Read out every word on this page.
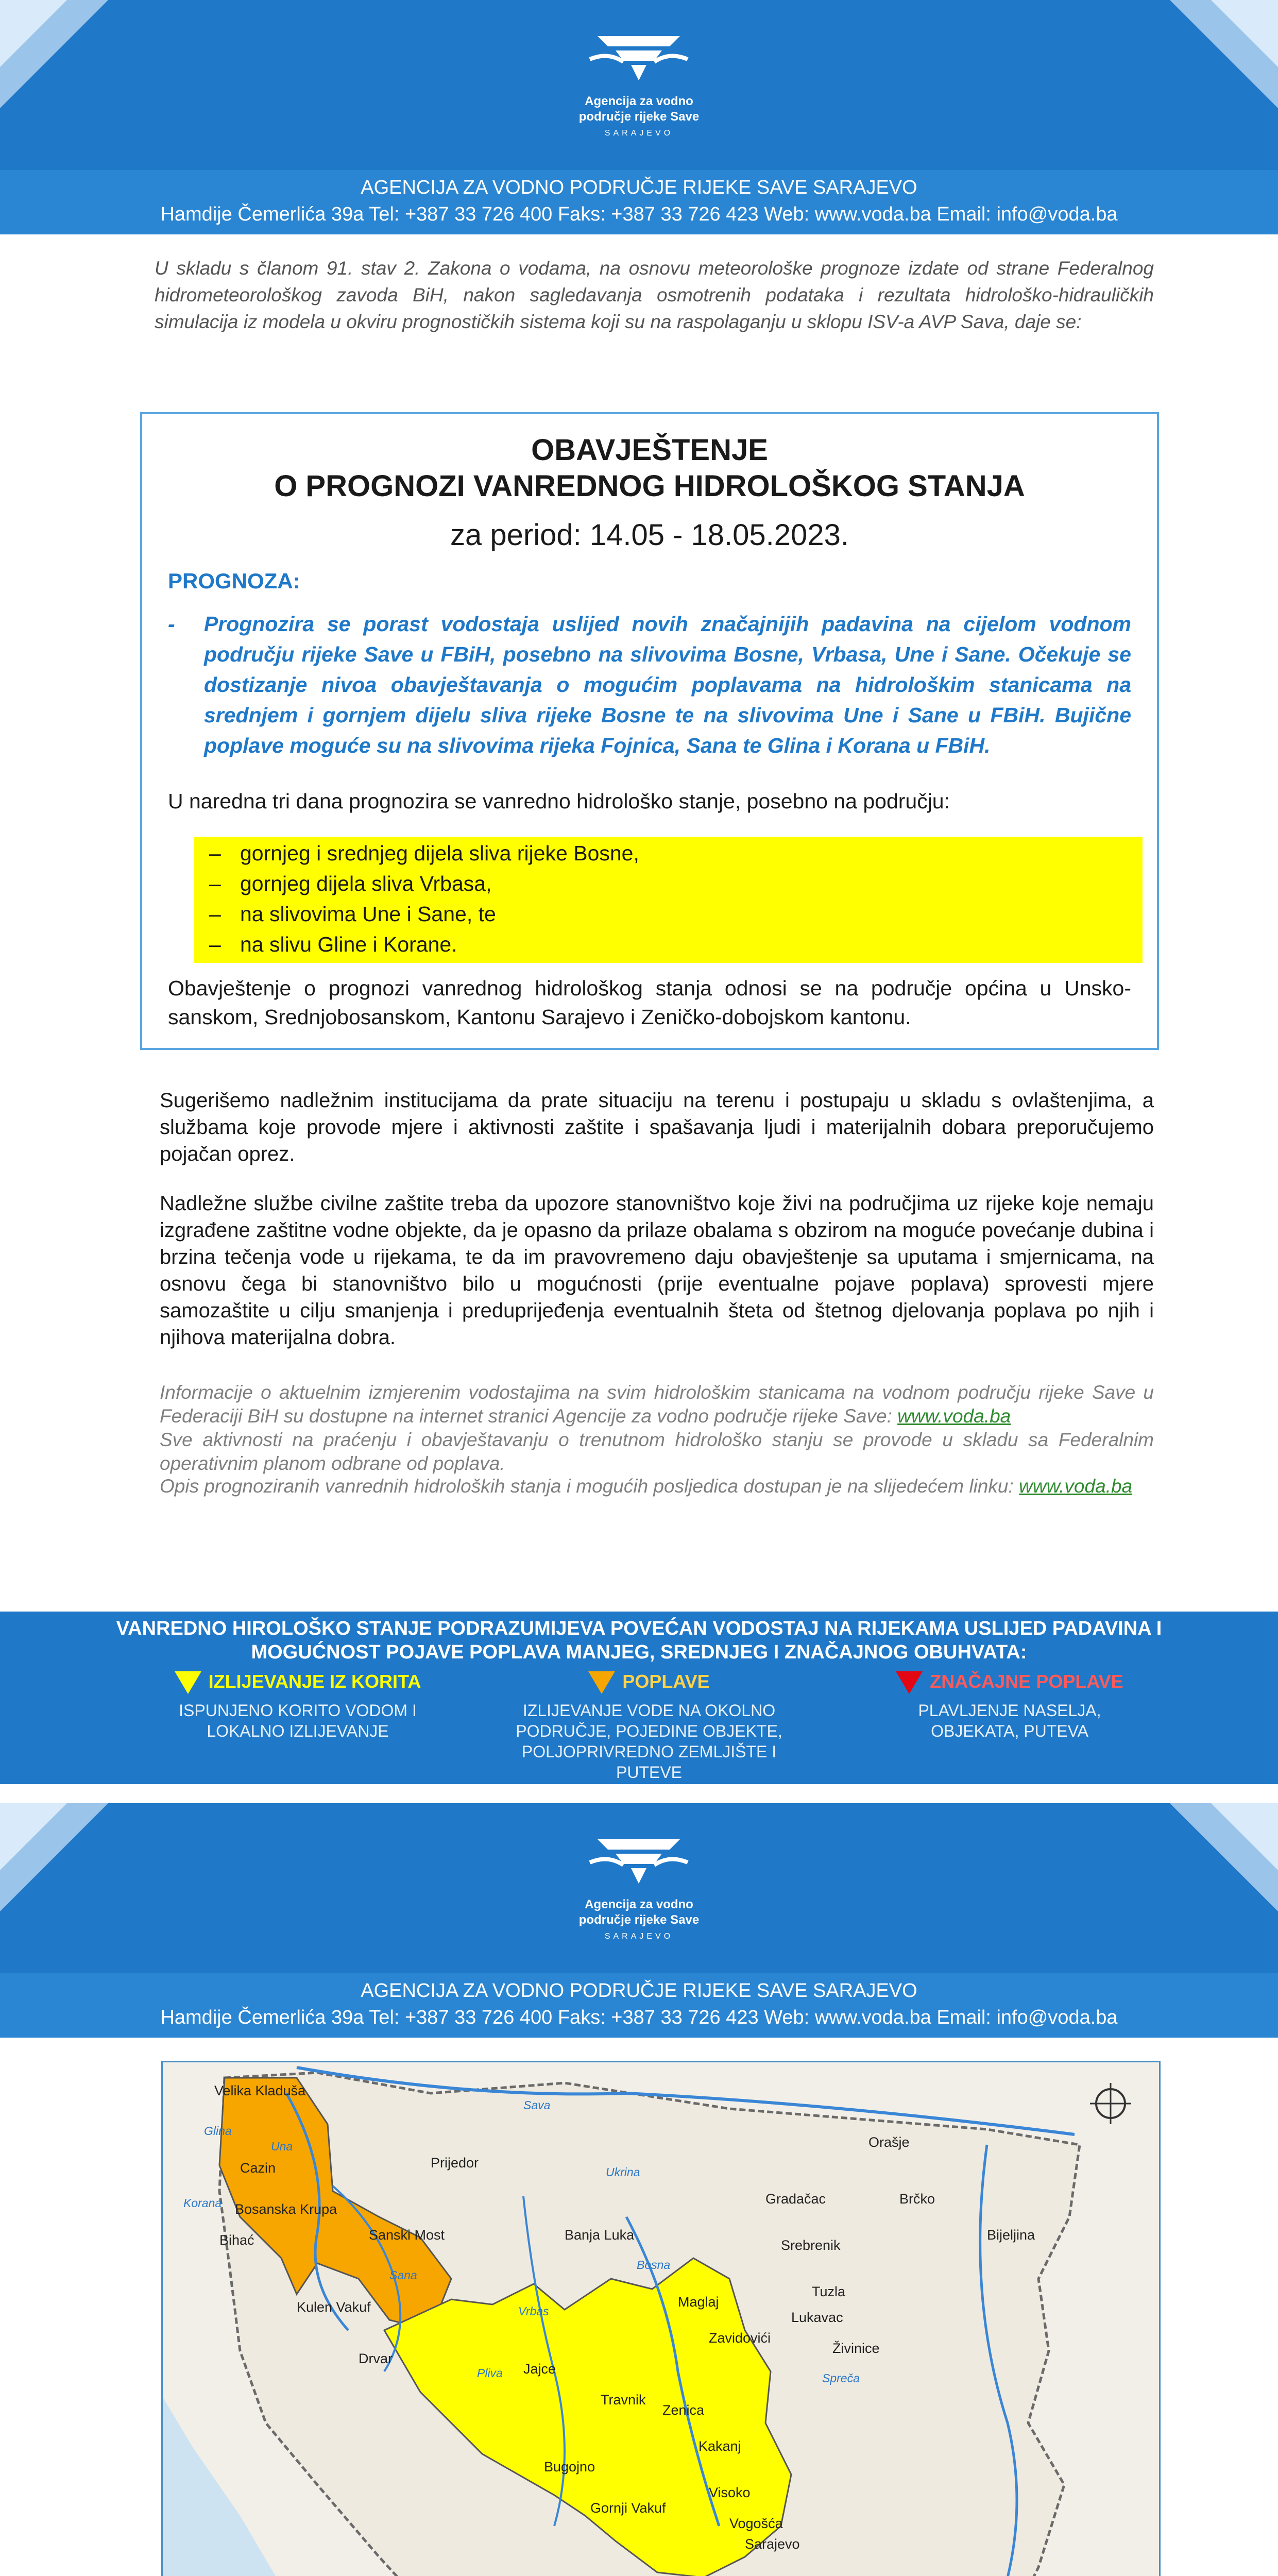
Agencija za vodno
područje rijeke Save
SARAJEVO
AGENCIJA ZA VODNO PODRUČJE RIJEKE SAVE SARAJEVO
Hamdije Čemerlića 39a Tel: +387 33 726 400 Faks: +387 33 726 423 Web: www.voda.ba Email: info@voda.ba
U skladu s članom 91. stav 2. Zakona o vodama, na osnovu meteorološke prognoze izdate od strane Federalnog hidrometeorološkog zavoda BiH, nakon sagledavanja osmotrenih podataka i rezultata hidrološko-hidrauličkih simulacija iz modela u okviru prognostičkih sistema koji su na raspolaganju u sklopu ISV-a AVP Sava, daje se:
OBAVJEŠTENJE
O PROGNOZI VANREDNOG HIDROLOŠKOG STANJA
za period: 14.05 - 18.05.2023.
PROGNOZA:
-	Prognozira se porast vodostaja uslijed novih značajnijih padavina na cijelom vodnom području rijeke Save u FBiH, posebno na slivovima Bosne, Vrbasa, Une i Sane. Očekuje se dostizanje nivoa obavještavanja o mogućim poplavama na hidrološkim stanicama na srednjem i gornjem dijelu sliva rijeke Bosne te na slivovima Une i Sane u FBiH. Bujične poplave moguće su na slivovima rijeka Fojnica, Sana te Glina i Korana u FBiH.
U naredna tri dana prognozira se vanredno hidrološko stanje, posebno na području:
– gornjeg i srednjeg dijela sliva rijeke Bosne,
– gornjeg dijela sliva Vrbasa,
– na slivovima Une i Sane, te
– na slivu Gline i Korane.
Obavještenje o prognozi vanrednog hidrološkog stanja odnosi se na područje općina u Unsko-sanskom, Srednjobosanskom, Kantonu Sarajevo i Zeničko-dobojskom kantonu.
Sugerišemo nadležnim institucijama da prate situaciju na terenu i postupaju u skladu s ovlaštenjima, a službama koje provode mjere i aktivnosti zaštite i spašavanja ljudi i materijalnih dobara preporučujemo pojačan oprez.
Nadležne službe civilne zaštite treba da upozore stanovništvo koje živi na područjima uz rijeke koje nemaju izgrađene zaštitne vodne objekte, da je opasno da prilaze obalama s obzirom na moguće povećanje dubina i brzina tečenja vode u rijekama, te da im pravovremeno daju obavještenje sa uputama i smjernicama, na osnovu čega bi stanovništvo bilo u mogućnosti (prije eventualne pojave poplava) sprovesti mjere samozaštite u cilju smanjenja i preduprijeđenja eventualnih šteta od štetnog djelovanja poplava po njih i njihova materijalna dobra.
Informacije o aktuelnim izmjerenim vodostajima na svim hidrološkim stanicama na vodnom području rijeke Save u Federaciji BiH su dostupne na internet stranici Agencije za vodno područje rijeke Save: www.voda.ba
Sve aktivnosti na praćenju i obavještavanju o trenutnom hidrološko stanju se provode u skladu sa Federalnim operativnim planom odbrane od poplava.
Opis prognoziranih vanrednih hidroloških stanja i mogućih posljedica dostupan je na slijedećem linku: www.voda.ba
VANREDNO HIROLOŠKO STANJE PODRAZUMIJEVA POVEĆAN VODOSTAJ NA RIJEKAMA USLIJED PADAVINA I
MOGUĆNOST POJAVE POPLAVA MANJEG, SREDNJEG I ZNAČAJNOG OBUHVATA:
IZLIJEVANJE IZ KORITA
ISPUNJENO KORITO VODOM I LOKALNO IZLIJEVANJE
POPLAVE
IZLIJEVANJE VODE NA OKOLNO PODRUČJE, POJEDINE OBJEKTE, POLJOPRIVREDNO ZEMLJIŠTE I PUTEVE
ZNAČAJNE POPLAVE
PLAVLJENJE NASELJA, OBJEKATA, PUTEVA
Agencija za vodno
područje rijeke Save
SARAJEVO
AGENCIJA ZA VODNO PODRUČJE RIJEKE SAVE SARAJEVO
Hamdije Čemerlića 39a Tel: +387 33 726 400 Faks: +387 33 726 423 Web: www.voda.ba Email: info@voda.ba
Velika Kladuša
Cazin
Bosanska Krupa
Bihać	Sanski Most
Kulen Vakuf
Prijedor
Banja Luka
Drvar
Jajce
Travnik
Zenica
Kakanj
Bugojno
Gornji Vakuf
Visoko
Vogošća
Sarajevo
Maglaj
Zavidovići
Tuzla
Lukavac
Živinice
Gradačac
Orašje
Brčko
Bijeljina
Srebrenik
Sava
Una
Sana
Vrbas
Bosna
Ukrina
Spreča
Glina
Korana
Pliva
